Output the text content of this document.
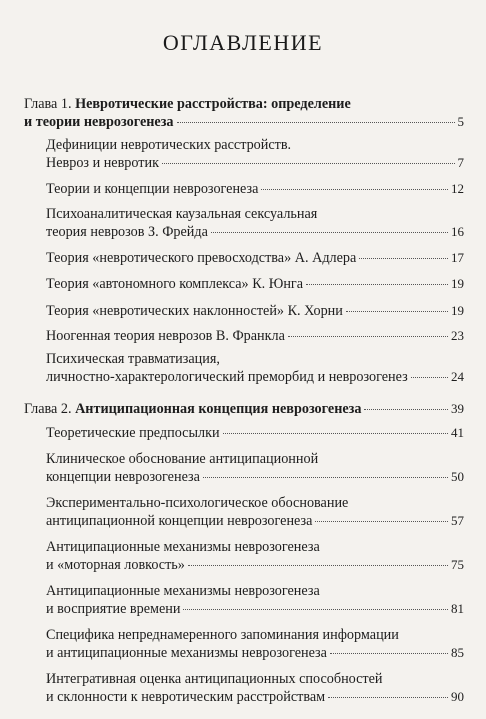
ОГЛАВЛЕНИЕ
Глава 1.
Невротические расстройства: определение
и теории неврозогенеза	5
Дефиниции невротических расстройств.
Невроз и невротик	7
Теории и концепции неврозогенеза	12
Психоаналитическая каузальная сексуальная
теория неврозов З. Фрейда	16
Теория «невротического превосходства» А. Адлера	17
Теория «автономного комплекса» К. Юнга	19
Теория «невротических наклонностей» К. Хорни	19
Ноогенная теория неврозов В. Франкла	23
Психическая травматизация,
личностно-характерологический преморбид и неврозогенез	24
Глава 2.
Антиципационная концепция неврозогенеза	39
Теоретические предпосылки	41
Клиническое обоснование антиципационной
концепции неврозогенеза	50
Экспериментально-психологическое обоснование
антиципационной концепции неврозогенеза	57
Антиципационные механизмы неврозогенеза
и «моторная ловкость»	75
Антиципационные механизмы неврозогенеза
и восприятие времени	81
Специфика непреднамеренного запоминания информации
и антиципационные механизмы неврозогенеза	85
Интегративная оценка антиципационных способностей
и склонности к невротическим расстройствам	90
